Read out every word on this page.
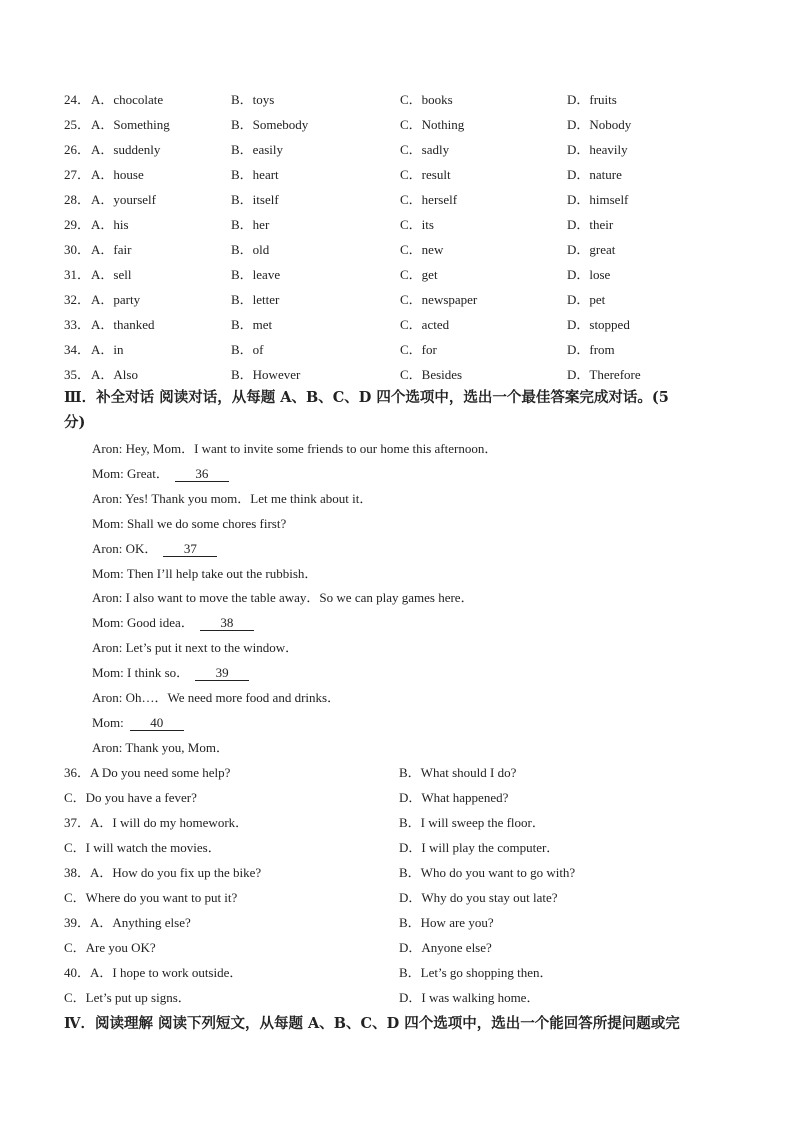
24． A．chocolate	B．toys	C．books	D．fruits
25． A．Something	B．Somebody	C．Nothing	D．Nobody
26． A．suddenly	B．easily	C．sadly	D．heavily
27． A．house	B．heart	C．result	D．nature
28． A．yourself	B．itself	C．herself	D．himself
29． A．his	B．her	C．its	D．their
30． A．fair	B．old	C．new	D．great
31． A．sell	B．leave	C．get	D．lose
32． A．party	B．letter	C．newspaper	D．pet
33． A．thanked	B．met	C．acted	D．stopped
34． A．in	B．of	C．for	D．from
35． A．Also	B．However	C．Besides	D．Therefore
Ⅲ．补全对话 阅读对话，从每题 A、B、C、D 四个选项中，选出一个最佳答案完成对话。(5
分)
Aron: Hey, Mom．I want to invite some friends to our home this afternoon．
Mom: Great． 36
Aron: Yes! Thank you mom．Let me think about it．
Mom: Shall we do some chores first?
Aron: OK． 37
Mom: Then I’ll help take out the rubbish．
Aron: I also want to move the table away．So we can play games here．
Mom: Good idea． 38
Aron: Let’s put it next to the window．
Mom: I think so． 39
Aron: Oh…．We need more food and drinks．
Mom: 40
Aron: Thank you, Mom．
36．A Do you need some help?	B．What should I do?
C．Do you have a fever?	D．What happened?
37．A．I will do my homework．	B．I will sweep the floor．
C．I will watch the movies．	D．I will play the computer．
38．A．How do you fix up the bike?	B．Who do you want to go with?
C．Where do you want to put it?	D．Why do you stay out late?
39．A．Anything else?	B．How are you?
C．Are you OK?	D．Anyone else?
40．A．I hope to work outside．	B．Let’s go shopping then．
C．Let’s put up signs．	D．I was walking home．
Ⅳ．阅读理解 阅读下列短文，从每题 A、B、C、D 四个选项中，选出一个能回答所提问题或完
